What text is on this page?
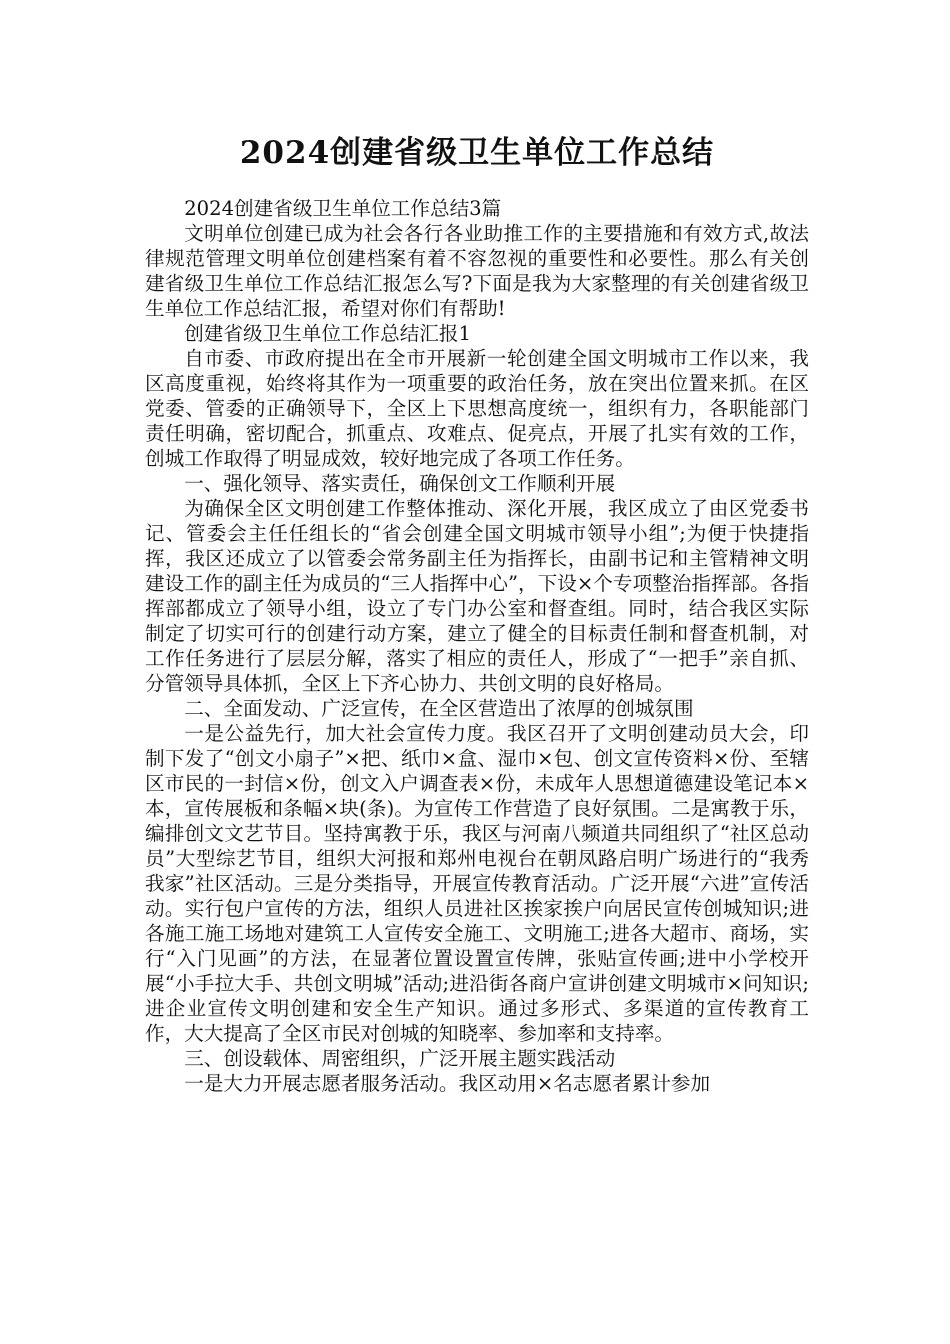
2024创建省级卫生单位工作总结

2024创建省级卫生单位工作总结3篇

文明单位创建已成为社会各行各业助推工作的主要措施和有效方式,故法律规范管理文明单位创建档案有着不容忽视的重要性和必要性。那么有关创建省级卫生单位工作总结汇报怎么写?下面是我为大家整理的有关创建省级卫生单位工作总结汇报，希望对你们有帮助!

创建省级卫生单位工作总结汇报1

自市委、市政府提出在全市开展新一轮创建全国文明城市工作以来，我区高度重视，始终将其作为一项重要的政治任务，放在突出位置来抓。在区党委、管委的正确领导下，全区上下思想高度统一，组织有力，各职能部门责任明确，密切配合，抓重点、攻难点、促亮点，开展了扎实有效的工作，创城工作取得了明显成效，较好地完成了各项工作任务。

一、强化领导、落实责任，确保创文工作顺利开展

为确保全区文明创建工作整体推动、深化开展，我区成立了由区党委书记、管委会主任任组长的“省会创建全国文明城市领导小组”;为便于快捷指挥，我区还成立了以管委会常务副主任为指挥长，由副书记和主管精神文明建设工作的副主任为成员的“三人指挥中心”，下设×个专项整治指挥部。各指挥部都成立了领导小组，设立了专门办公室和督查组。同时，结合我区实际制定了切实可行的创建行动方案，建立了健全的目标责任制和督查机制，对工作任务进行了层层分解，落实了相应的责任人，形成了“一把手”亲自抓、分管领导具体抓，全区上下齐心协力、共创文明的良好格局。

二、全面发动、广泛宣传，在全区营造出了浓厚的创城氛围

一是公益先行，加大社会宣传力度。我区召开了文明创建动员大会，印制下发了“创文小扇子”×把、纸巾×盒、湿巾×包、创文宣传资料×份、至辖区市民的一封信×份，创文入户调查表×份，未成年人思想道德建设笔记本×本，宣传展板和条幅×块(条)。为宣传工作营造了良好氛围。二是寓教于乐，编排创文文艺节目。坚持寓教于乐，我区与河南八频道共同组织了“社区总动员”大型综艺节目，组织大河报和郑州电视台在朝凤路启明广场进行的“我秀我家”社区活动。三是分类指导，开展宣传教育活动。广泛开展“六进”宣传活动。实行包户宣传的方法，组织人员进社区挨家挨户向居民宣传创城知识;进各施工施工场地对建筑工人宣传安全施工、文明施工;进各大超市、商场，实行“入门见画”的方法，在显著位置设置宣传牌，张贴宣传画;进中小学校开展“小手拉大手、共创文明城”活动;进沿街各商户宣讲创建文明城市×问知识;进企业宣传文明创建和安全生产知识。通过多形式、多渠道的宣传教育工作，大大提高了全区市民对创城的知晓率、参加率和支持率。

三、创设载体、周密组织，广泛开展主题实践活动

一是大力开展志愿者服务活动。我区动用×名志愿者累计参加
